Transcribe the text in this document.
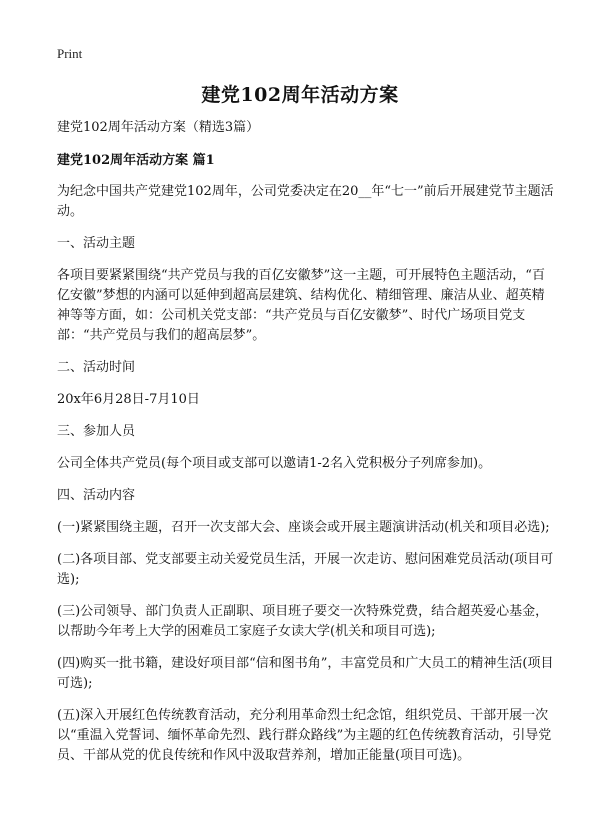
Print
建党102周年活动方案

建党102周年活动方案（精选3篇）

建党102周年活动方案 篇1

为纪念中国共产党建党102周年，公司党委决定在20__年“七一”前后开展建党节主题活动。

一、活动主题

各项目要紧紧围绕“共产党员与我的百亿安徽梦”这一主题，可开展特色主题活动，“百亿安徽”梦想的内涵可以延伸到超高层建筑、结构优化、精细管理、廉洁从业、超英精神等等方面，如：公司机关党支部：“共产党员与百亿安徽梦”、时代广场项目党支部：“共产党员与我们的超高层梦”。

二、活动时间

20x年6月28日-7月10日

三、参加人员

公司全体共产党员(每个项目或支部可以邀请1-2名入党积极分子列席参加)。

四、活动内容

(一)紧紧围绕主题，召开一次支部大会、座谈会或开展主题演讲活动(机关和项目必选);

(二)各项目部、党支部要主动关爱党员生活，开展一次走访、慰问困难党员活动(项目可选);

(三)公司领导、部门负责人正副职、项目班子要交一次特殊党费，结合超英爱心基金，以帮助今年考上大学的困难员工家庭子女读大学(机关和项目可选);

(四)购买一批书籍，建设好项目部“信和图书角”，丰富党员和广大员工的精神生活(项目可选);

(五)深入开展红色传统教育活动，充分利用革命烈士纪念馆，组织党员、干部开展一次以“重温入党誓词、缅怀革命先烈、践行群众路线”为主题的红色传统教育活动，引导党员、干部从党的优良传统和作风中汲取营养剂，增加正能量(项目可选)。
